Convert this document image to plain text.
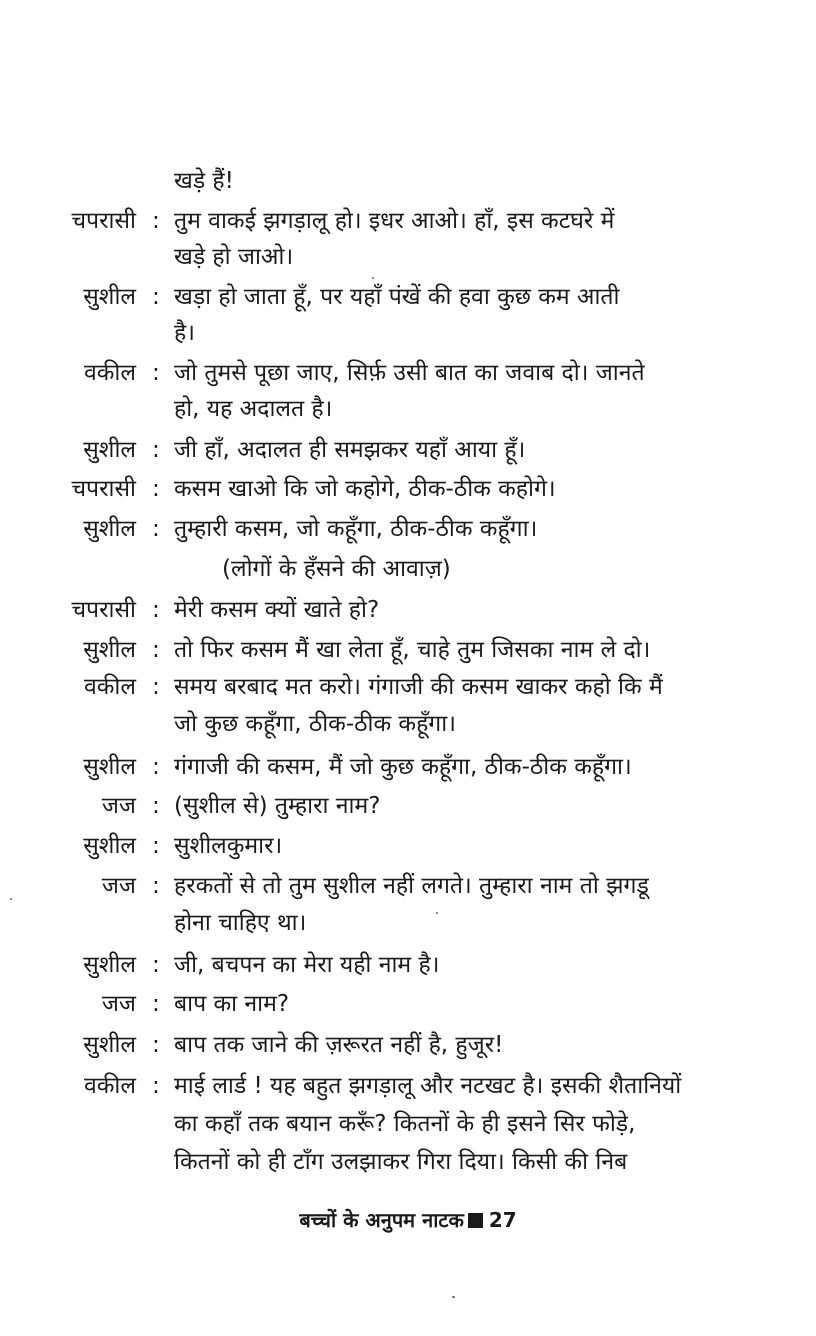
खड़े हैं!
चपरासी : तुम वाकई झगड़ालू हो। इधर आओ। हाँ, इस कटघरे में
खड़े हो जाओ।
सुशील : खड़ा हो जाता हूँ, पर यहाँ पंखें की हवा कुछ कम आती
है।
वकील : जो तुमसे पूछा जाए, सिर्फ़ उसी बात का जवाब दो। जानते
हो, यह अदालत है।
सुशील : जी हाँ, अदालत ही समझकर यहाँ आया हूँ।
चपरासी : कसम खाओ कि जो कहोगे, ठीक-ठीक कहोगे।
सुशील : तुम्हारी कसम, जो कहूँगा, ठीक-ठीक कहूँगा।
(लोगों के हँसने की आवाज़)
चपरासी : मेरी कसम क्यों खाते हो?
सुशील : तो फिर कसम मैं खा लेता हूँ, चाहे तुम जिसका नाम ले दो।
वकील : समय बरबाद मत करो। गंगाजी की कसम खाकर कहो कि मैं
जो कुछ कहूँगा, ठीक-ठीक कहूँगा।
सुशील : गंगाजी की कसम, मैं जो कुछ कहूँगा, ठीक-ठीक कहूँगा।
जज : (सुशील से) तुम्हारा नाम?
सुशील : सुशीलकुमार।
जज : हरकतों से तो तुम सुशील नहीं लगते। तुम्हारा नाम तो झगडू
होना चाहिए था।
सुशील : जी, बचपन का मेरा यही नाम है।
जज : बाप का नाम?
सुशील : बाप तक जाने की ज़रूरत नहीं है, हुजूर!
वकील : माई लार्ड ! यह बहुत झगड़ालू और नटखट है। इसकी शैतानियों
का कहाँ तक बयान करूँ? कितनों के ही इसने सिर फोड़े,
कितनों को ही टाँग उलझाकर गिरा दिया। किसी की निब
बच्चों के अनुपम नाटक 27
